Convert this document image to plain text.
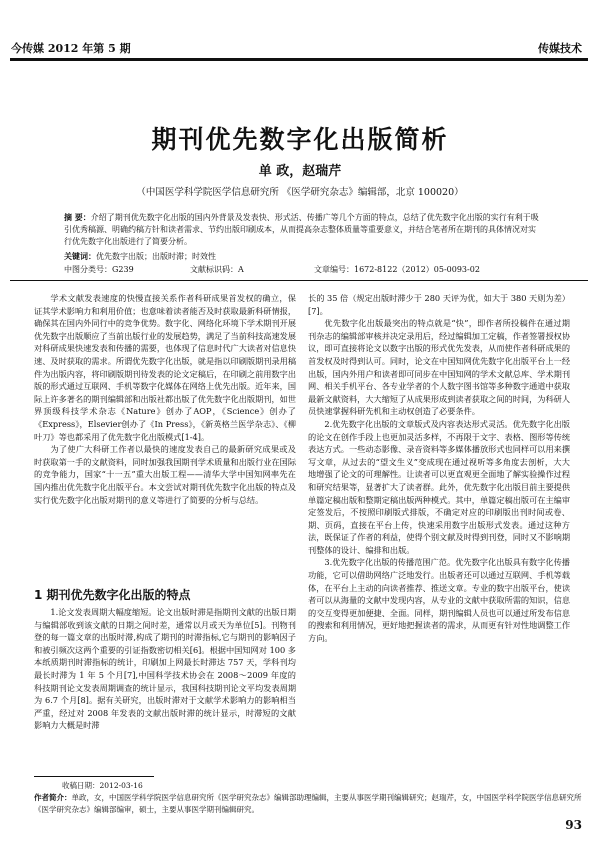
今传媒 2012 年第 5 期	传媒技术
期刊优先数字化出版简析
单 政，赵瑞芹
（中国医学科学院医学信息研究所 《医学研究杂志》编辑部，北京 100020）
摘 要：介绍了期刊优先数字化出版的国内外背景及发表快、形式活、传播广等几个方面的特点，总结了优先数字化出版的实行有利于吸引优秀稿源、明确约稿方针和读者需求、节约出版印刷成本，从而提高杂志整体质量等重要意义，并结合笔者所在期刊的具体情况对实行优先数字化出版进行了简要分析。
关键词：优先数字出版；出版时滞；时效性
中图分类号：G239	文献标识码：A	文章编号：1672-8122（2012）05-0093-02

学术文献发表速度的快慢直接关系作者科研成果首发权的确立，保证其学术影响力和利用价值；也意味着读者能否及时获取最新科研情报，确保其在国内外同行中的竞争优势。数字化、网络化环境下学术期刊开展优先数字出版顺应了当前出版行业的发展趋势，满足了当前科技高速发展对科研成果快速发表和传播的需要，也体现了信息时代广大读者对信息快速、及时获取的需求。所谓优先数字化出版，就是指以印刷版期刊录用稿件为出版内容，将印刷版期刊待发表的论文定稿后，在印刷之前用数字出版的形式通过互联网、手机等数字化媒体在网络上优先出版。近年来，国际上许多著名的期刊编辑部和出版社都出版了优先数字化出版期刊，如世界顶级科技学术杂志《Nature》创办了AOP，《Science》创办了《Express》，Elsevier创办了《In Press》，《新英格兰医学杂志》、《柳叶刀》等也都采用了优先数字化出版模式[1-4]。

为了使广大科研工作者以最快的速度发表自己的最新研究成果或及时获取第一手的文献资料，同时加强我国期刊学术质量和出版行业在国际的竞争能力，国家“十一五”重大出版工程——清华大学中国知网率先在国内推出优先数字化出版平台。本文尝试对期刊优先数字化出版的特点及实行优先数字化出版对期刊的意义等进行了简要的分析与总结。

1 期刊优先数字化出版的特点

1.论文发表周期大幅度缩短。论文出版时滞是指期刊文献的出版日期与编辑部收到该文献的日期之间时差，通常以月或天为单位[5]。刊物刊登的每一篇文章的出版时滞,构成了期刊的时滞指标,它与期刊的影响因子和被引频次这两个重要的引证指数密切相关[6]。根据中国知网对 100 多本纸质期刊时滞指标的统计，印刷加上网最长时滞达 757 天，学科刊均最长时滞为 1 年 5 个月[7],中国科学技术协会在 2008～2009 年度的科技期刊论文发表周期调查的统计显示，我国科技期刊论文平均发表周期为 6.7 个月[8]。据有关研究，出版时滞对于文献学术影响力的影响相当严重，经过对 2008 年发表的文献出版时滞的统计显示，时滞短的文献影响力大概是时滞

长的 35 倍（规定出版时滞少于 280 天评为优，如大于 380 天则为差）[7]。

优先数字化出版最突出的特点就是“快”，即作者所投稿件在通过期刊杂志的编辑部审核并决定录用后，经过编辑加工定稿，作者签署授权协议，即可直接将论文以数字出版的形式优先发表，从而使作者科研成果的首发权及时得到认可。同时，论文在中国知网优先数字化出版平台上一经出版，国内外用户和读者即可同步在中国知网的学术文献总库、学术期刊网、相关手机平台、各专业学者的个人数字图书馆等多种数字通道中获取最新文献资料，大大缩短了从成果形成到读者获取之间的时间，为科研人员快速掌握科研先机和主动权创造了必要条件。

2.优先数字化出版的文章版式及内容表达形式灵活。优先数字化出版的论文在创作手段上也更加灵活多样，不再限于文字、表格、图形等传统表达方式。一些动态影像、录音资料等多媒体播放形式也同样可以用来撰写文章，从过去的“望文生义”变成现在通过视听等多角度去剖析，大大地增强了论文的可理解性。让读者可以更直观更全面地了解实验操作过程和研究结果等，显著扩大了读者群。此外，优先数字化出版目前主要提供单篇定稿出版和整期定稿出版两种模式。其中，单篇定稿出版可在主编审定签发后，不按照印刷版式排版，不确定对应的印刷版出刊时间或卷、期、页码，直接在平台上传，快速采用数字出版形式发表。通过这种方法，既保证了作者的利益，使得个别文献及时得到刊登，同时又不影响期刊整体的设计、编排和出版。

3.优先数字化出版的传播范围广范。优先数字化出版具有数字化传播功能，它可以借助网络广泛地发行。出版者还可以通过互联网、手机等载体，在平台上主动的向读者推荐、推送文章。专业的数字出版平台，使读者可以从海量的文献中发现内容，从专业的文献中获取所需的知识，信息的交互变得更加便捷、全面。同样，期刊编辑人员也可以通过所发布信息的搜索和利用情况，更好地把握读者的需求，从而更有针对性地调整工作方向。

收稿日期：2012-03-16
作者简介：单政，女，中国医学科学院医学信息研究所《医学研究杂志》编辑部助理编辑，主要从事医学期刊编辑研究；赵瑞芹，女，中国医学科学院医学信息研究所《医学研究杂志》编辑部编审，硕士，主要从事医学期刊编辑研究。
93
